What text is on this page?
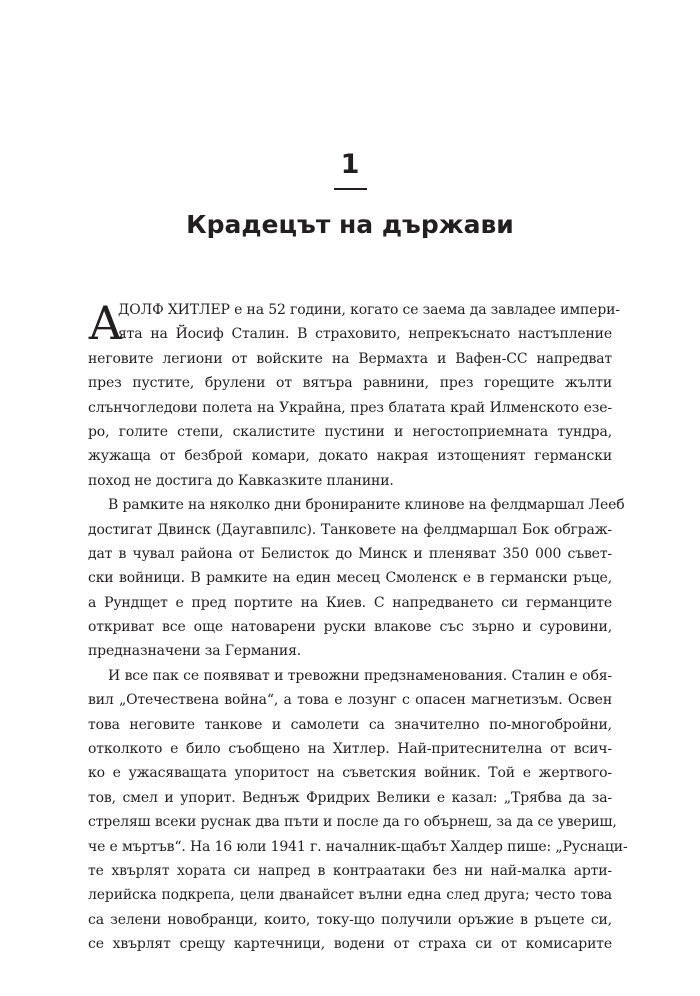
1
Крадецът на държави
А
ДОЛФ ХИТЛЕР е на 52 години, когато се заема да завладее импери-
ята на Йосиф Сталин. В страховито, непрекъснато настъпление
неговите легиони от войските на Вермахта и Вафен-СС напредват
през пустите, брулени от вятъра равнини, през горещите жълти
слънчогледови полета на Украйна, през блатата край Илменското езе-
ро, голите степи, скалистите пустини и негостоприемната тундра,
жужаща от безброй комари, докато накрая изтощеният германски
поход не достига до Кавказките планини.
В рамките на няколко дни бронираните клинове на фелдмаршал Лееб
достигат Двинск (Даугавпилс). Танковете на фелдмаршал Бок обграж-
дат в чувал района от Белисток до Минск и пленяват 350 000 съвет-
ски войници. В рамките на един месец Смоленск е в германски ръце,
а Рундщет е пред портите на Киев. С напредването си германците
откриват все още натоварени руски влакове със зърно и суровини,
предназначени за Германия.
И все пак се появяват и тревожни предзнаменования. Сталин е обя-
вил „Отечествена война“, а това е лозунг с опасен магнетизъм. Освен
това неговите танкове и самолети са значително по-многобройни,
отколкото е било съобщено на Хитлер. Най-притеснителна от всич-
ко е ужасяващата упоритост на съветския войник. Той е жертвого-
тов, смел и упорит. Веднъж Фридрих Велики е казал: „Трябва да за-
стреляш всеки руснак два пъти и после да го обърнеш, за да се увериш,
че е мъртъв“. На 16 юли 1941 г. началник-щабът Халдер пише: „Руснаци-
те хвърлят хората си напред в контраатаки без ни най-малка арти-
лерийска подкрепа, цели дванайсет вълни една след друга; често това
са зелени новобранци, които, току-що получили оръжие в ръцете си,
се хвърлят срещу картечници, водени от страха си от комисарите
